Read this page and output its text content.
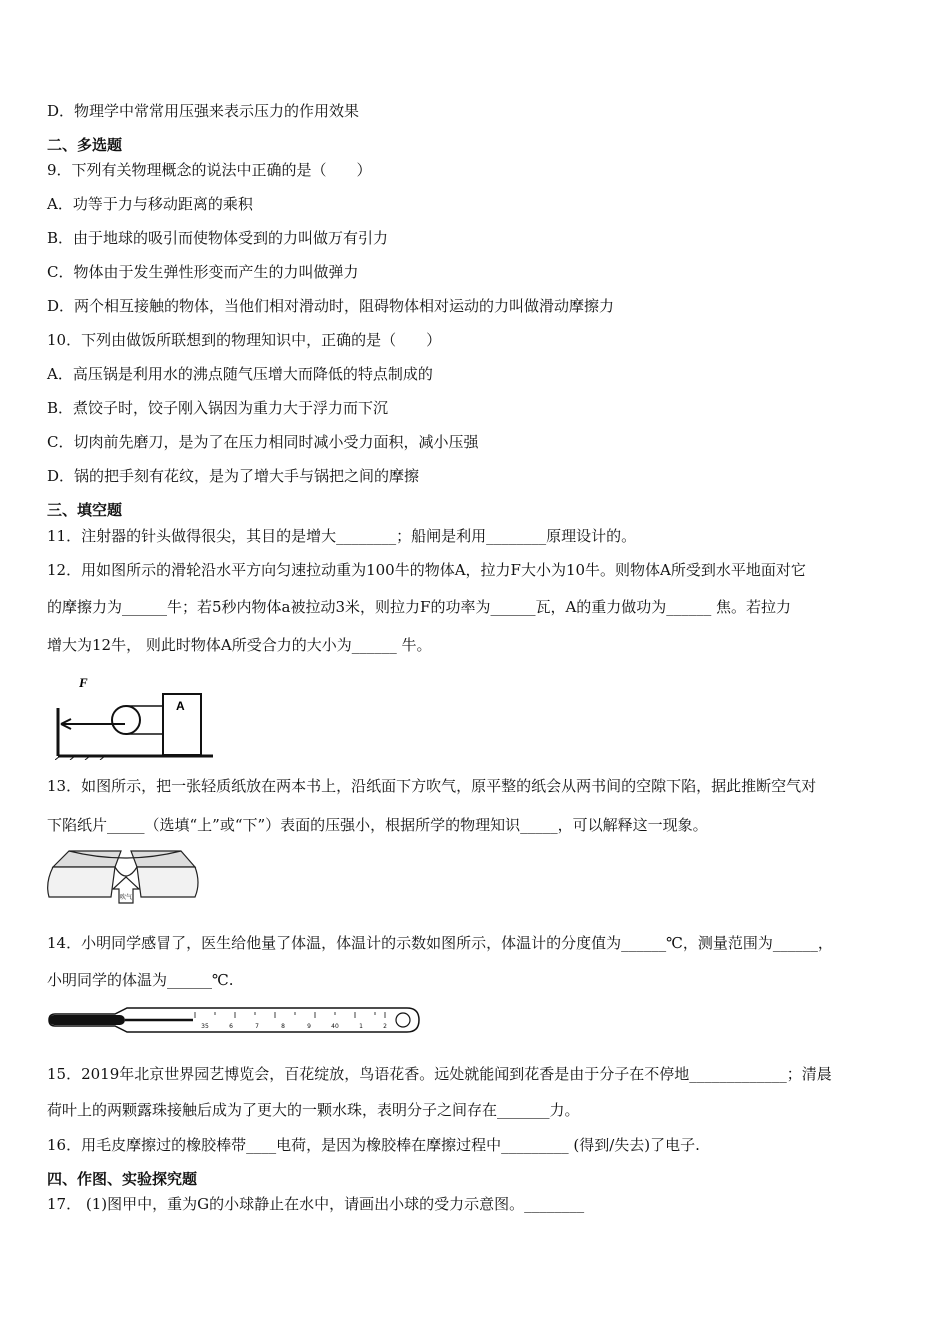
D．物理学中常常用压强来表示压力的作用效果
二、多选题
9．下列有关物理概念的说法中正确的是（　　）
A．功等于力与移动距离的乘积
B．由于地球的吸引而使物体受到的力叫做万有引力
C．物体由于发生弹性形变而产生的力叫做弹力
D．两个相互接触的物体，当他们相对滑动时，阻碍物体相对运动的力叫做滑动摩擦力
10．下列由做饭所联想到的物理知识中，正确的是（　　）
A．高压锅是利用水的沸点随气压增大而降低的特点制成的
B．煮饺子时，饺子刚入锅因为重力大于浮力而下沉
C．切肉前先磨刀，是为了在压力相同时减小受力面积，减小压强
D．锅的把手刻有花纹，是为了增大手与锅把之间的摩擦
三、填空题
11．注射器的针头做得很尖，其目的是增大________；船闸是利用________原理设计的。
12．用如图所示的滑轮沿水平方向匀速拉动重为100牛的物体A，拉力F大小为10牛。则物体A所受到水平地面对它
的摩擦力为______牛；若5秒内物体a被拉动3米，则拉力F的功率为______瓦，A的重力做功为______ 焦。若拉力
增大为12牛， 则此时物体A所受合力的大小为______ 牛。
F
A
13．如图所示，把一张轻质纸放在两本书上，沿纸面下方吹气，原平整的纸会从两书间的空隙下陷，据此推断空气对
下陷纸片_____（选填“上”或“下”）表面的压强小，根据所学的物理知识_____，可以解释这一现象。
吹气
14．小明同学感冒了，医生给他量了体温，体温计的示数如图所示，体温计的分度值为______℃，测量范围为______，
小明同学的体温为______℃.
35	6	7	8	9	40	1	2
15．2019年北京世界园艺博览会，百花绽放，鸟语花香。远处就能闻到花香是由于分子在不停地_____________；清晨
荷叶上的两颗露珠接触后成为了更大的一颗水珠，表明分子之间存在_______力。
16．用毛皮摩擦过的橡胶棒带____电荷，是因为橡胶棒在摩擦过程中_________ (得到/失去)了电子.
四、作图、实验探究题
17． (1)图甲中，重为G的小球静止在水中，请画出小球的受力示意图。________
